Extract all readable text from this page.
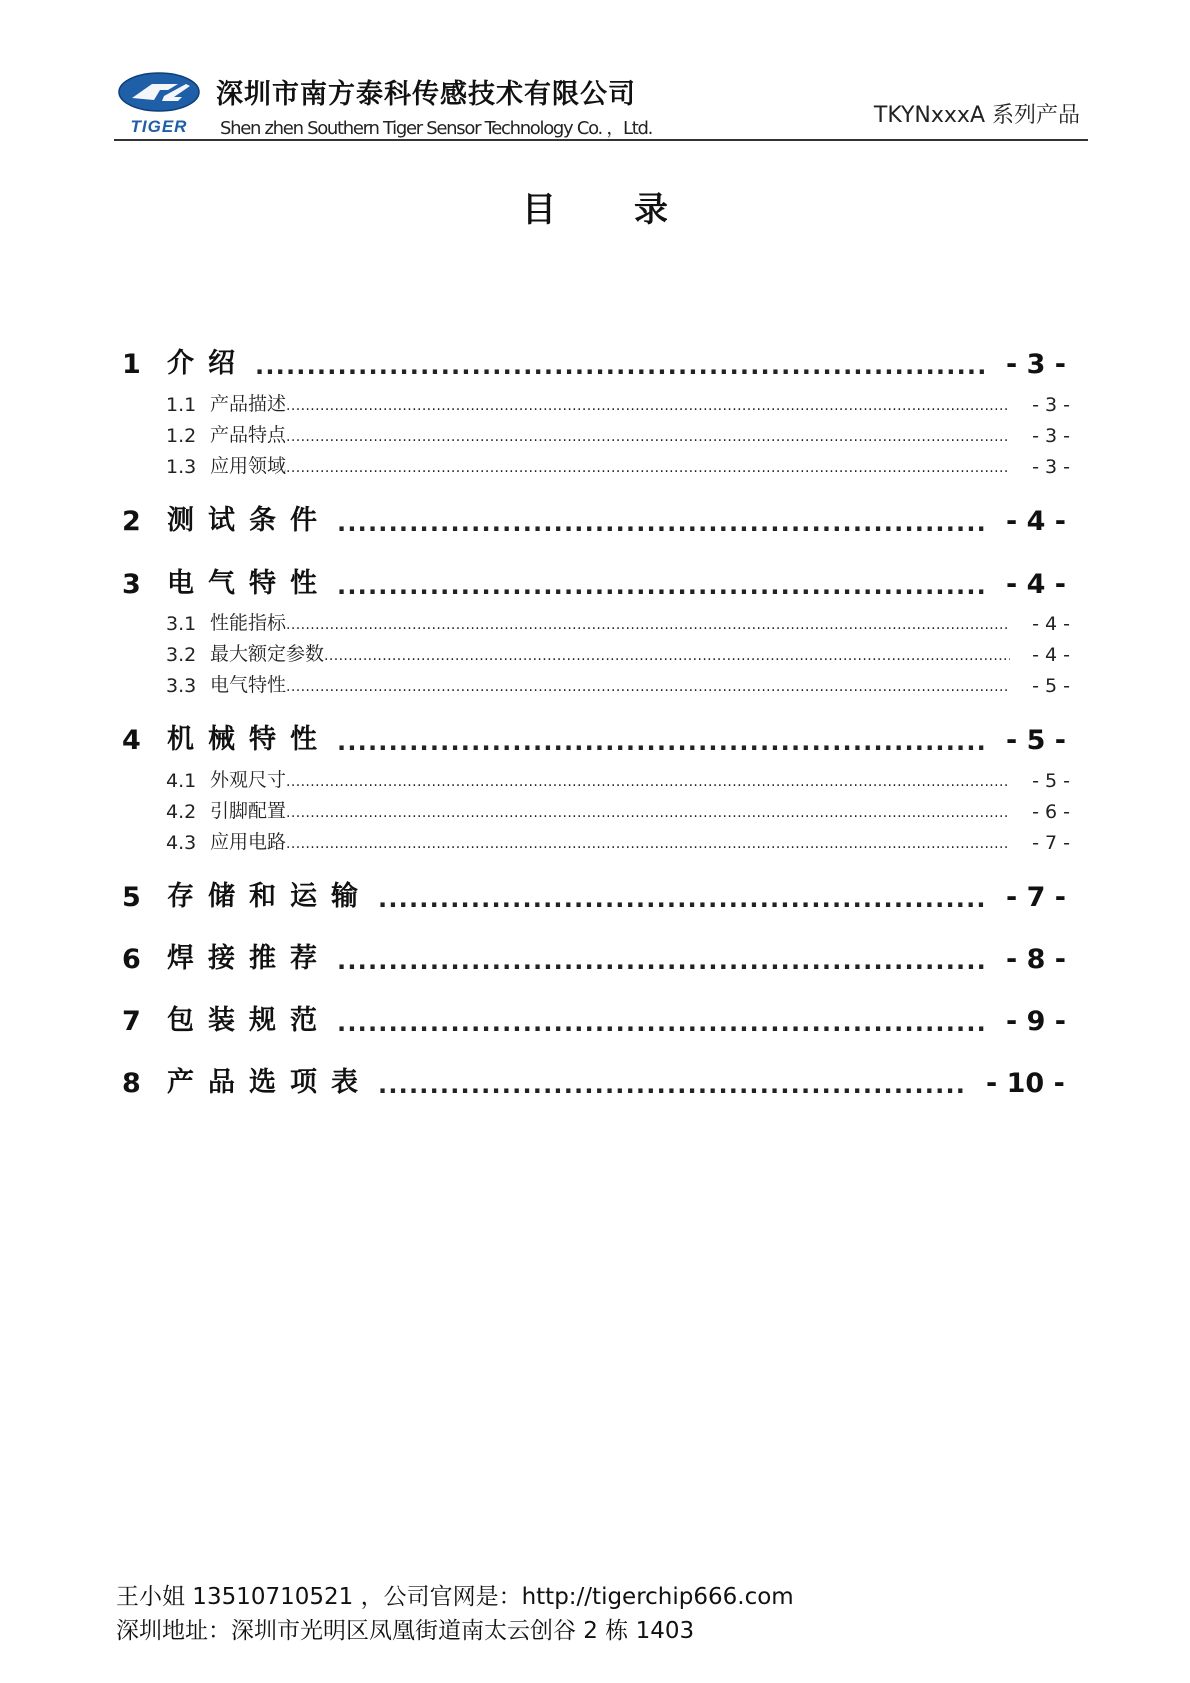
TIGER
深圳市南方泰科传感技术有限公司
Shen zhen Southern Tiger Sensor Technology Co. ，Ltd.
TKYNxxxA 系列产品
目 录
1 介绍 .....	- 3 -
1.1 产品描述 .....	- 3 -
1.2 产品特点 .....	- 3 -
1.3 应用领域 .....	- 3 -
2 测试条件 .....	- 4 -
3 电气特性 .....	- 4 -
3.1 性能指标 .....	- 4 -
3.2 最大额定参数 .....	- 4 -
3.3 电气特性 .....	- 5 -
4 机械特性 .....	- 5 -
4.1 外观尺寸 .....	- 5 -
4.2 引脚配置 .....	- 6 -
4.3 应用电路 .....	- 7 -
5 存储和运输 .....	- 7 -
6 焊接推荐 .....	- 8 -
7 包装规范 .....	- 9 -
8 产品选项表 .....	- 10 -
王小姐 13510710521 ，公司官网是：http://tigerchip666.com
深圳地址：深圳市光明区凤凰街道南太云创谷 2 栋 1403
